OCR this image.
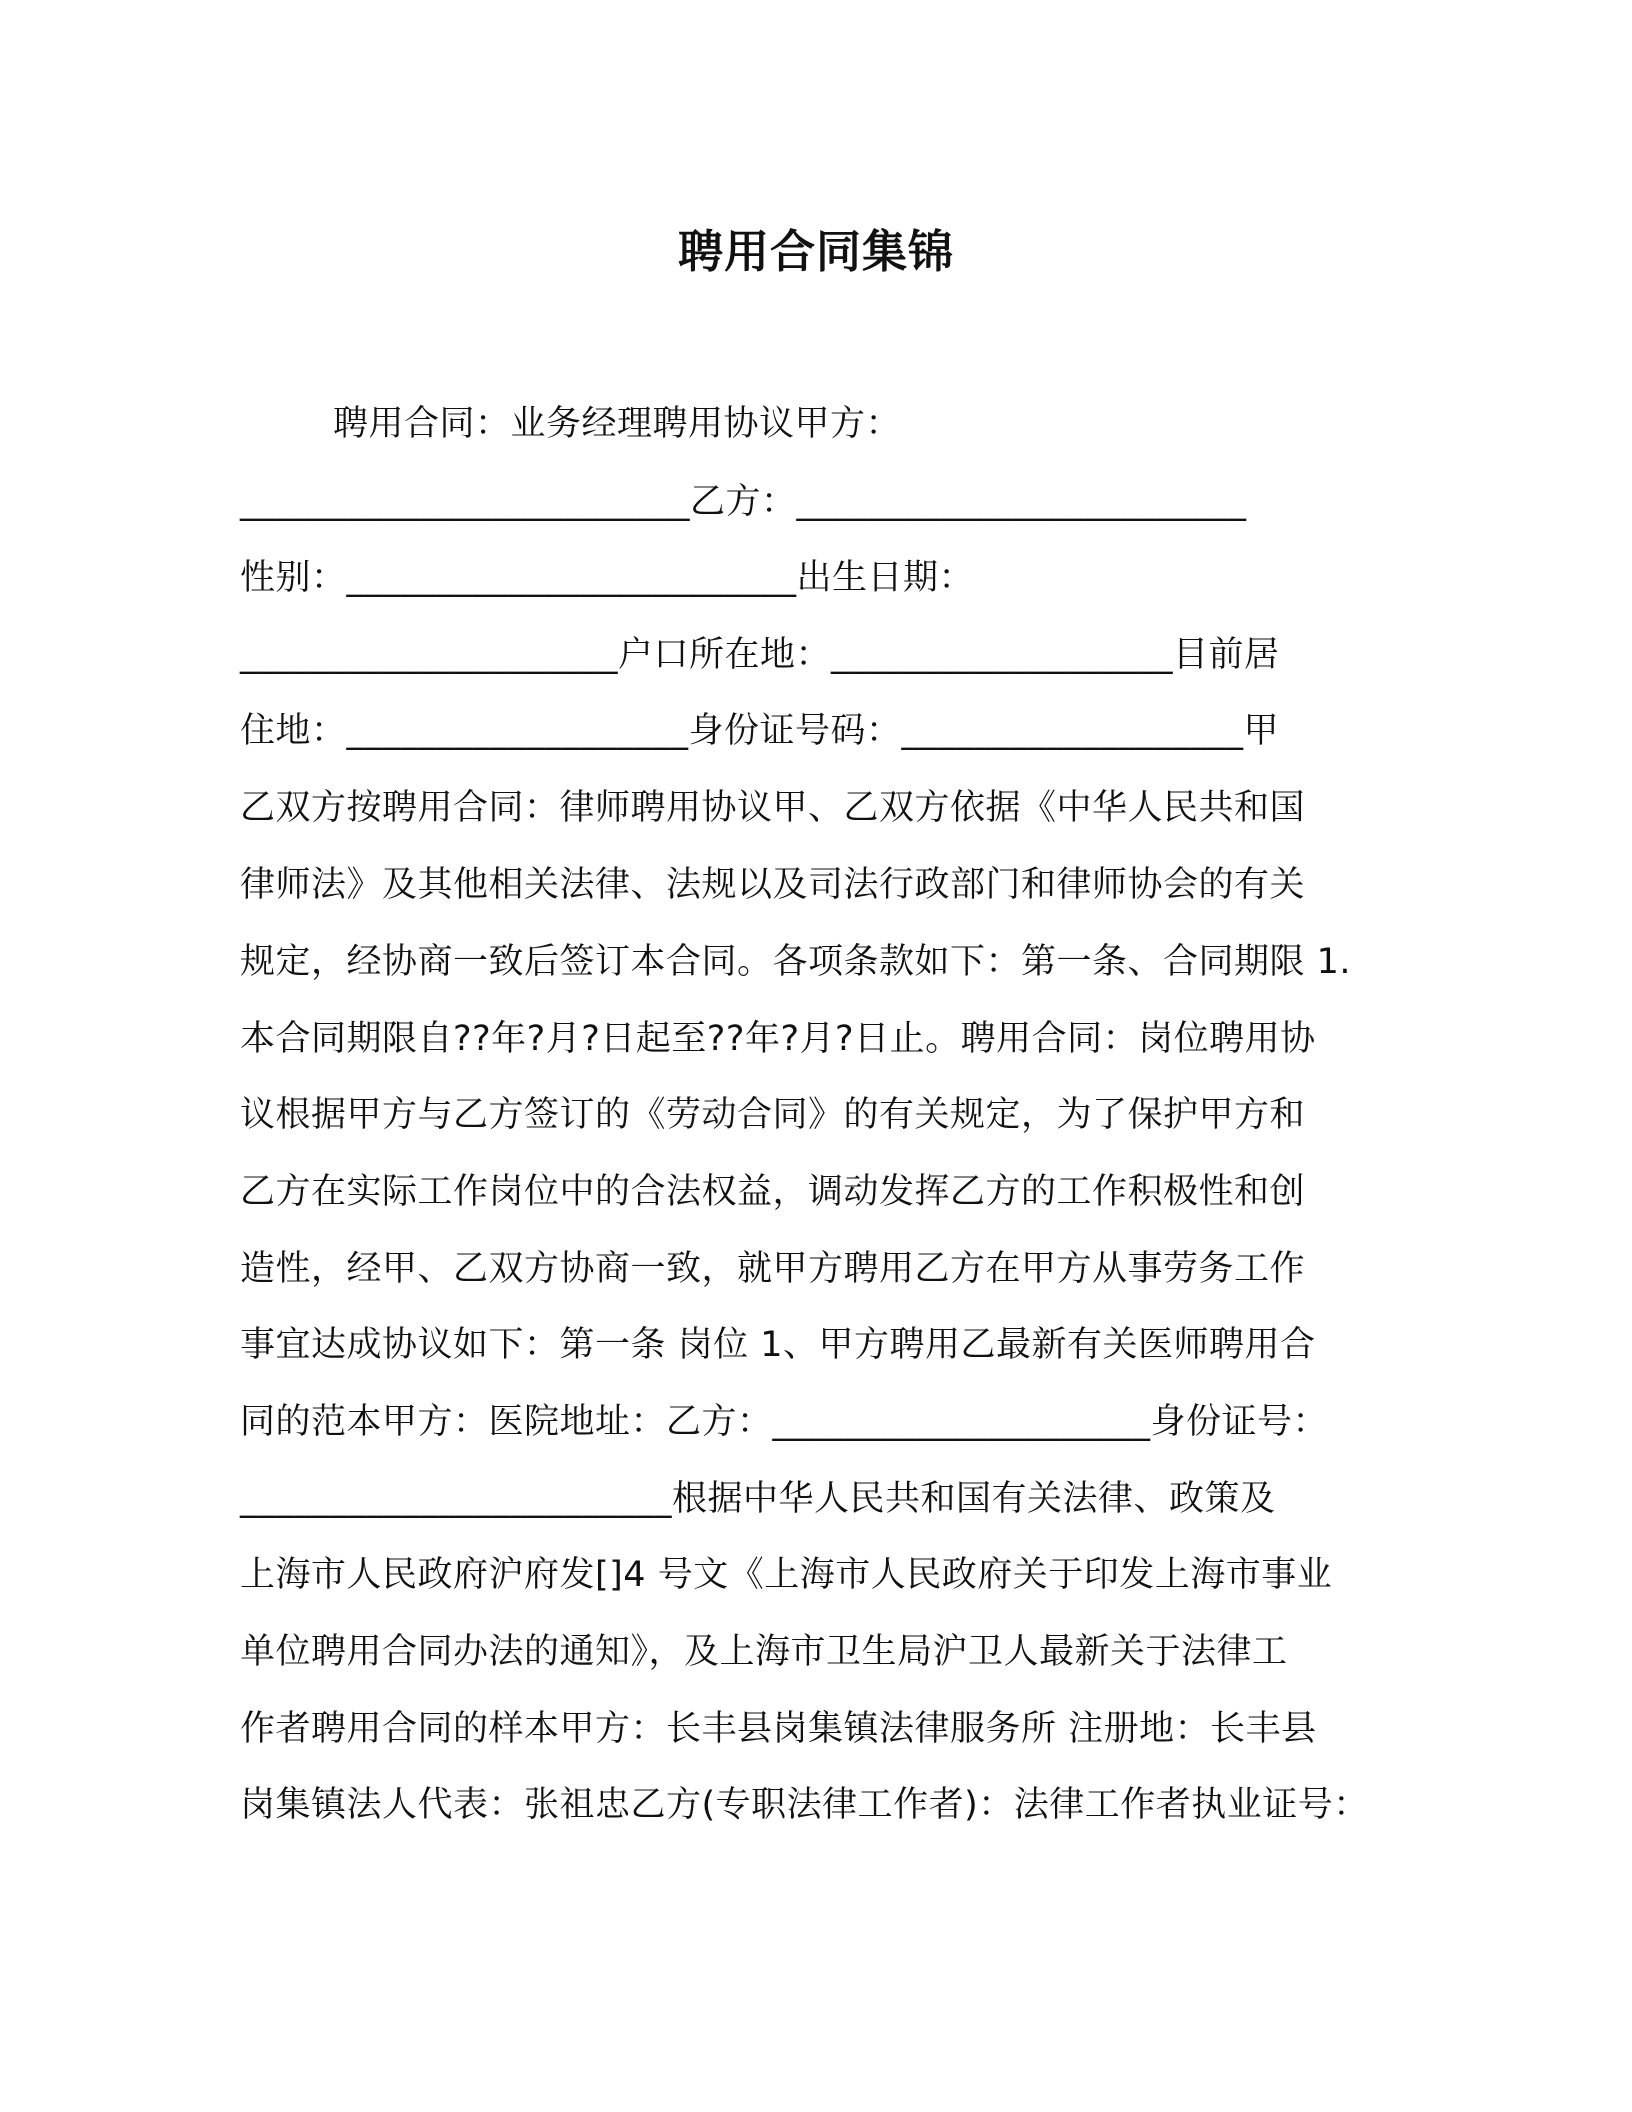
聘用合同集锦
聘用合同：业务经理聘用协议甲方：
_________________________乙方：_________________________
性别：_________________________出生日期：
_____________________户口所在地：___________________目前居
住地：___________________身份证号码：___________________甲
乙双方按聘用合同：律师聘用协议甲、乙双方依据《中华人民共和国
律师法》及其他相关法律、法规以及司法行政部门和律师协会的有关
规定，经协商一致后签订本合同。各项条款如下：第一条、合同期限 1.
本合同期限自??年?月?日起至??年?月?日止。聘用合同：岗位聘用协
议根据甲方与乙方签订的《劳动合同》的有关规定，为了保护甲方和
乙方在实际工作岗位中的合法权益，调动发挥乙方的工作积极性和创
造性，经甲、乙双方协商一致，就甲方聘用乙方在甲方从事劳务工作
事宜达成协议如下：第一条 岗位 1、甲方聘用乙最新有关医师聘用合
同的范本甲方：医院地址：乙方：_____________________身份证号：
________________________根据中华人民共和国有关法律、政策及
上海市人民政府沪府发[]4 号文《上海市人民政府关于印发上海市事业
单位聘用合同办法的通知》，及上海市卫生局沪卫人最新关于法律工
作者聘用合同的样本甲方：长丰县岗集镇法律服务所 注册地：长丰县
岗集镇法人代表：张祖忠乙方(专职法律工作者)：法律工作者执业证号：
